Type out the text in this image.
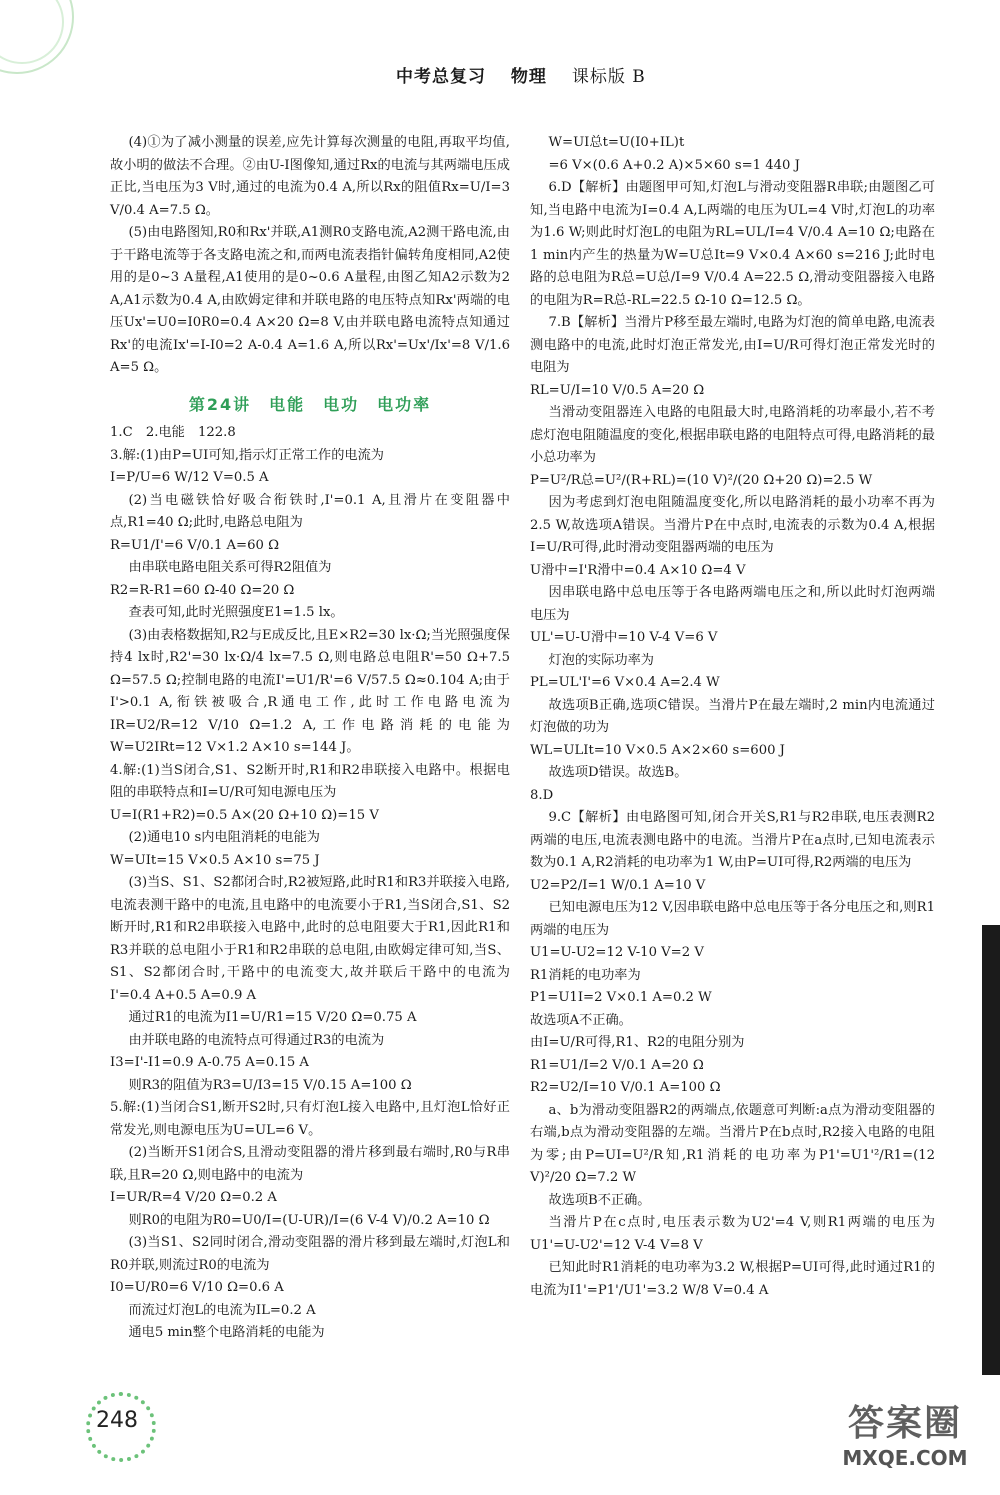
中考总复习 物理 课标版 B

(4)①为了减小测量的误差,应先计算每次测量的电阻,再取平均值,故小明的做法不合理。②由U-I图像知,通过Rx的电流与其两端电压成正比,当电压为3 V时,通过的电流为0.4 A,所以Rx的阻值Rx=U/I=3 V/0.4 A=7.5 Ω。

(5)由电路图知,R0和Rx'并联,A1测R0支路电流,A2测干路电流,由于干路电流等于各支路电流之和,而两电流表指针偏转角度相同,A2使用的是0~3 A量程,A1使用的是0~0.6 A量程,由图乙知A2示数为2 A,A1示数为0.4 A,由欧姆定律和并联电路的电压特点知Rx'两端的电压Ux'=U0=I0R0=0.4 A×20 Ω=8 V,由并联电路电流特点知通过Rx'的电流Ix'=I-I0=2 A-0.4 A=1.6 A,所以Rx'=Ux'/Ix'=8 V/1.6 A=5 Ω。

第24讲　电能　电功　电功率

1.C　2.电能　122.8

3.解:(1)由P=UI可知,指示灯正常工作的电流为

I=P/U=6 W/12 V=0.5 A

(2)当电磁铁恰好吸合衔铁时,I'=0.1 A,且滑片在变阻器中点,R1=40 Ω;此时,电路总电阻为

R=U1/I'=6 V/0.1 A=60 Ω

由串联电路电阻关系可得R2阻值为

R2=R-R1=60 Ω-40 Ω=20 Ω

查表可知,此时光照强度E1=1.5 lx。

(3)由表格数据知,R2与E成反比,且E×R2=30 lx·Ω;当光照强度保持4 lx时,R2'=30 lx·Ω/4 lx=7.5 Ω,则电路总电阻R'=50 Ω+7.5 Ω=57.5 Ω;控制电路的电流I'=U1/R'=6 V/57.5 Ω≈0.104 A;由于I'>0.1 A,衔铁被吸合,R通电工作,此时工作电路电流为IR=U2/R=12 V/10 Ω=1.2 A,工作电路消耗的电能为W=U2IRt=12 V×1.2 A×10 s=144 J。

4.解:(1)当S闭合,S1、S2断开时,R1和R2串联接入电路中。根据电阻的串联特点和I=U/R可知电源电压为

U=I(R1+R2)=0.5 A×(20 Ω+10 Ω)=15 V

(2)通电10 s内电阻消耗的电能为

W=UIt=15 V×0.5 A×10 s=75 J

(3)当S、S1、S2都闭合时,R2被短路,此时R1和R3并联接入电路,电流表测干路中的电流,且电路中的电流要小于R1,当S闭合,S1、S2断开时,R1和R2串联接入电路中,此时的总电阻要大于R1,因此R1和R3并联的总电阻小于R1和R2串联的总电阻,由欧姆定律可知,当S、S1、S2都闭合时,干路中的电流变大,故并联后干路中的电流为I'=0.4 A+0.5 A=0.9 A

通过R1的电流为I1=U/R1=15 V/20 Ω=0.75 A

由并联电路的电流特点可得通过R3的电流为

I3=I'-I1=0.9 A-0.75 A=0.15 A

则R3的阻值为R3=U/I3=15 V/0.15 A=100 Ω

5.解:(1)当闭合S1,断开S2时,只有灯泡L接入电路中,且灯泡L恰好正常发光,则电源电压为U=UL=6 V。

(2)当断开S1闭合S,且滑动变阻器的滑片移到最右端时,R0与R串联,且R=20 Ω,则电路中的电流为

I=UR/R=4 V/20 Ω=0.2 A

则R0的电阻为R0=U0/I=(U-UR)/I=(6 V-4 V)/0.2 A=10 Ω

(3)当S1、S2同时闭合,滑动变阻器的滑片移到最左端时,灯泡L和R0并联,则流过R0的电流为

I0=U/R0=6 V/10 Ω=0.6 A

而流过灯泡L的电流为IL=0.2 A

通电5 min整个电路消耗的电能为

W=UI总t=U(I0+IL)t

=6 V×(0.6 A+0.2 A)×5×60 s=1 440 J

6.D【解析】由题图甲可知,灯泡L与滑动变阻器R串联;由题图乙可知,当电路中电流为I=0.4 A,L两端的电压为UL=4 V时,灯泡L的功率为1.6 W;则此时灯泡L的电阻为RL=UL/I=4 V/0.4 A=10 Ω;电路在1 min内产生的热量为W=U总It=9 V×0.4 A×60 s=216 J;此时电路的总电阻为R总=U总/I=9 V/0.4 A=22.5 Ω,滑动变阻器接入电路的电阻为R=R总-RL=22.5 Ω-10 Ω=12.5 Ω。

7.B【解析】当滑片P移至最左端时,电路为灯泡的简单电路,电流表测电路中的电流,此时灯泡正常发光,由I=U/R可得灯泡正常发光时的电阻为

RL=U/I=10 V/0.5 A=20 Ω

当滑动变阻器连入电路的电阻最大时,电路消耗的功率最小,若不考虑灯泡电阻随温度的变化,根据串联电路的电阻特点可得,电路消耗的最小总功率为

P=U²/R总=U²/(R+RL)=(10 V)²/(20 Ω+20 Ω)=2.5 W

因为考虑到灯泡电阻随温度变化,所以电路消耗的最小功率不再为2.5 W,故选项A错误。当滑片P在中点时,电流表的示数为0.4 A,根据I=U/R可得,此时滑动变阻器两端的电压为

U滑中=I'R滑中=0.4 A×10 Ω=4 V

因串联电路中总电压等于各电路两端电压之和,所以此时灯泡两端电压为

UL'=U-U滑中=10 V-4 V=6 V

灯泡的实际功率为

PL=UL'I'=6 V×0.4 A=2.4 W

故选项B正确,选项C错误。当滑片P在最左端时,2 min内电流通过灯泡做的功为

WL=ULIt=10 V×0.5 A×2×60 s=600 J

故选项D错误。故选B。

8.D

9.C【解析】由电路图可知,闭合开关S,R1与R2串联,电压表测R2两端的电压,电流表测电路中的电流。当滑片P在a点时,已知电流表示数为0.1 A,R2消耗的电功率为1 W,由P=UI可得,R2两端的电压为

U2=P2/I=1 W/0.1 A=10 V

已知电源电压为12 V,因串联电路中总电压等于各分电压之和,则R1两端的电压为

U1=U-U2=12 V-10 V=2 V

R1消耗的电功率为

P1=U1I=2 V×0.1 A=0.2 W

故选项A不正确。

由I=U/R可得,R1、R2的电阻分别为

R1=U1/I=2 V/0.1 A=20 Ω

R2=U2/I=10 V/0.1 A=100 Ω

a、b为滑动变阻器R2的两端点,依题意可判断:a点为滑动变阻器的右端,b点为滑动变阻器的左端。当滑片P在b点时,R2接入电路的电阻为零;由P=UI=U²/R知,R1消耗的电功率为P1'=U1'²/R1=(12 V)²/20 Ω=7.2 W

故选项B不正确。

当滑片P在c点时,电压表示数为U2'=4 V,则R1两端的电压为U1'=U-U2'=12 V-4 V=8 V

已知此时R1消耗的电功率为3.2 W,根据P=UI可得,此时通过R1的电流为I1'=P1'/U1'=3.2 W/8 V=0.4 A

248	答案圈
MXQE.COM
